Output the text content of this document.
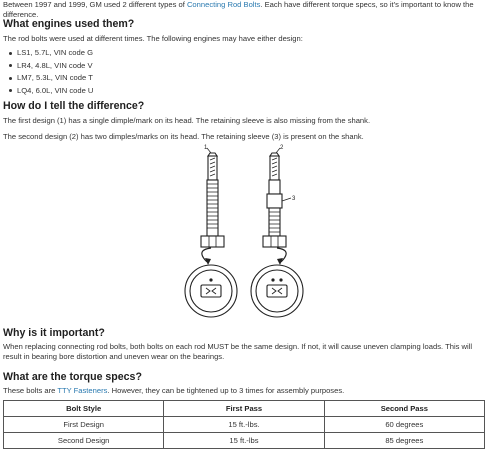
Between 1997 and 1999, GM used 2 different types of Connecting Rod Bolts. Each have different torque specs, so it's important to know the difference.

What engines used them?

The rod bolts were used at different times. The following engines may have either design:

LS1, 5.7L, VIN code G
LR4, 4.8L, VIN code V
LM7, 5.3L, VIN code T
LQ4, 6.0L, VIN code U
How do I tell the difference?

The first design (1) has a single dimple/mark on its head. The retaining sleeve is also missing from the shank.

The second design (2) has two dimples/marks on its head. The retaining sleeve (3) is present on the shank.

1	2
3
Why is it important?

When replacing connecting rod bolts, both bolts on each rod MUST be the same design. If not, it will cause uneven clamping loads. This will result in bearing bore distortion and uneven wear on the bearings.

What are the torque specs?

These bolts are TTY Fasteners. However, they can be tightened up to 3 times for assembly purposes.

Bolt Style	First Pass	Second Pass
First Design	15 ft.-lbs.	60 degrees
Second Design	15 ft.-lbs	85 degrees
